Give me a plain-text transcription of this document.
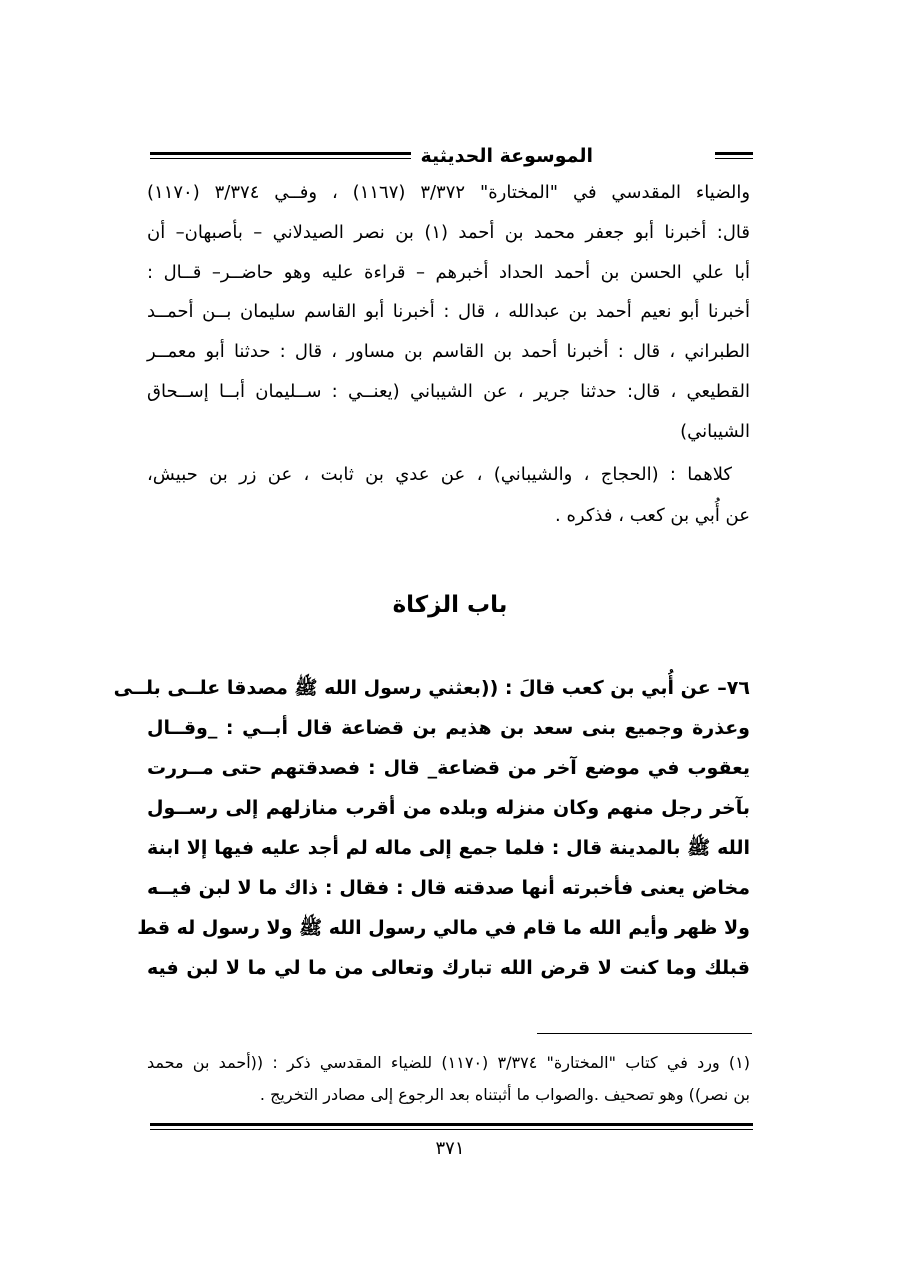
الموسوعة الحديثية
والضياء المقدسي في "المختارة" ٣/٣٧٢ (١١٦٧) ، وفــي ٣/٣٧٤ (١١٧٠)
قال: أخبرنا أبو جعفر محمد بن أحمد (١) بن نصر الصيدلاني – بأصبهان– أن
أبا علي الحسن بن أحمد الحداد أخبرهم – قراءة عليه وهو حاضــر– قــال :
أخبرنا أبو نعيم أحمد بن عبدالله ، قال : أخبرنا أبو القاسم سليمان بــن أحمــد
الطبراني ، قال : أخبرنا أحمد بن القاسم بن مساور ، قال : حدثنا أبو معمــر
القطيعي ، قال: حدثنا جرير ، عن الشيباني (يعنــي : ســليمان أبــا إســحاق
الشيباني)
كلاهما : (الحجاج ، والشيباني) ، عن عدي بن ثابت ، عن زر بن حبيش،
عن أُبي بن كعب ، فذكره .
باب الزكاة
٧٦– عن أُبي بن كعب قالَ : ((بعثني رسول الله ﷺ مصدقا علــى بلــى
وعذرة وجميع بنى سعد بن هذيم بن قضاعة قال أبــي : _وقــال
يعقوب في موضع آخر من قضاعة_ قال : فصدقتهم حتى مــررت
بآخر رجل منهم وكان منزله وبلده من أقرب منازلهم إلى رســول
الله ﷺ بالمدينة قال : فلما جمع إلى ماله لم أجد عليه فيها إلا ابنة
مخاض يعنى فأخبرته أنها صدقته قال : فقال : ذاك ما لا لبن فيــه
ولا ظهر وأيم الله ما قام في مالي رسول الله ﷺ ولا رسول له قط
قبلك وما كنت لا قرض الله تبارك وتعالى من ما لي ما لا لبن فيه
(١) ورد في كتاب "المختارة" ٣/٣٧٤ (١١٧٠) للضياء المقدسي ذكر : ((أحمد بن محمد
بن نصر)) وهو تصحيف .والصواب ما أثبتناه بعد الرجوع إلى مصادر التخريج .
٣٧١
